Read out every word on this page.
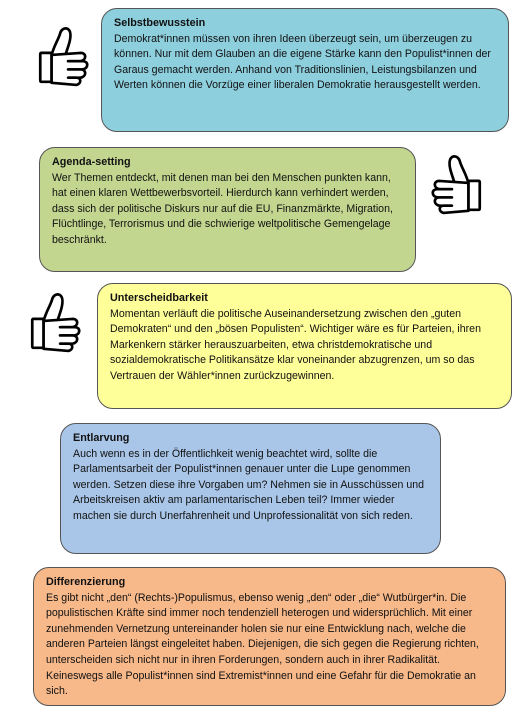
Selbstbewusstein
Demokrat*innen müssen von ihren Ideen überzeugt sein, um überzeugen zu können. Nur mit dem Glauben an die eigene Stärke kann den Populist*innen der Garaus gemacht werden. Anhand von Traditionslinien, Leistungsbilanzen und Werten können die Vorzüge einer liberalen Demokratie herausgestellt werden.
Agenda-setting
Wer Themen entdeckt, mit denen man bei den Menschen punkten kann, hat einen klaren Wettbewerbsvorteil. Hierdurch kann verhindert werden, dass sich der politische Diskurs nur auf die EU, Finanzmärkte, Migration, Flüchtlinge, Terrorismus und die schwierige weltpolitische Gemengelage beschränkt.
Unterscheidbarkeit
Momentan verläuft die politische Auseinandersetzung zwischen den „guten Demokraten“ und den „bösen Populisten“. Wichtiger wäre es für Parteien, ihren Markenkern stärker herauszuarbeiten, etwa christdemokratische und sozialdemokratische Politikansätze klar voneinander abzugrenzen, um so das Vertrauen der Wähler*innen zurückzugewinnen.
Entlarvung
Auch wenn es in der Öffentlichkeit wenig beachtet wird, sollte die Parlamentsarbeit der Populist*innen genauer unter die Lupe genommen werden. Setzen diese ihre Vorgaben um? Nehmen sie in Ausschüssen und Arbeitskreisen aktiv am parlamentarischen Leben teil? Immer wieder machen sie durch Unerfahrenheit und Unprofessionalität von sich reden.
Differenzierung
Es gibt nicht „den“ (Rechts-)Populismus, ebenso wenig „den“ oder „die“ Wutbürger*in. Die populistischen Kräfte sind immer noch tendenziell heterogen und widersprüchlich. Mit einer zunehmenden Vernetzung untereinander holen sie nur eine Entwicklung nach, welche die anderen Parteien längst eingeleitet haben. Diejenigen, die sich gegen die Regierung richten, unterscheiden sich nicht nur in ihren Forderungen, sondern auch in ihrer Radikalität. Keineswegs alle Populist*innen sind Extremist*innen und eine Gefahr für die Demokratie an sich.
